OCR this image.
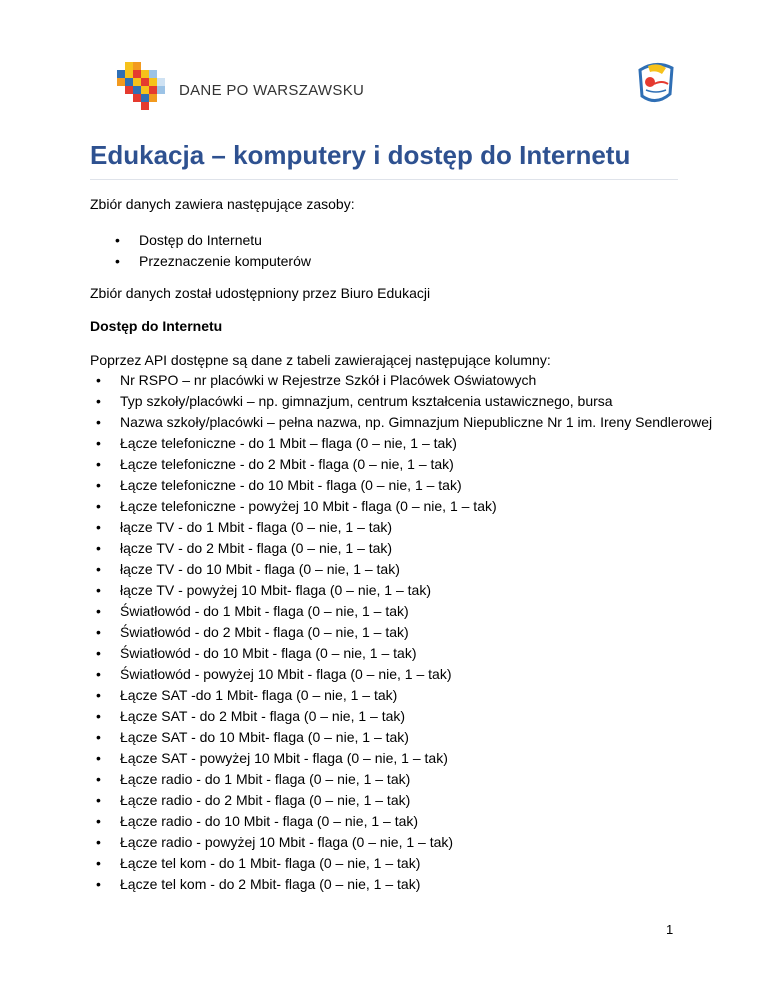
DANE PO WARSZAWSKU
Edukacja – komputery i dostęp do Internetu
Zbiór danych zawiera następujące zasoby:
• Dostęp do Internetu
• Przeznaczenie komputerów
Zbiór danych został udostępniony przez Biuro Edukacji
Dostęp do Internetu
Poprzez API dostępne są dane z tabeli zawierającej następujące kolumny:
• Nr RSPO – nr placówki w Rejestrze Szkół i Placówek Oświatowych
• Typ szkoły/placówki – np. gimnazjum, centrum kształcenia ustawicznego, bursa
• Nazwa szkoły/placówki – pełna nazwa, np. Gimnazjum Niepubliczne Nr 1 im. Ireny Sendlerowej
• Łącze telefoniczne - do 1 Mbit – flaga (0 – nie, 1 – tak)
• Łącze telefoniczne - do 2 Mbit - flaga (0 – nie, 1 – tak)
• Łącze telefoniczne - do 10 Mbit - flaga (0 – nie, 1 – tak)
• Łącze telefoniczne - powyżej 10 Mbit - flaga (0 – nie, 1 – tak)
• łącze TV - do 1 Mbit - flaga (0 – nie, 1 – tak)
• łącze TV - do 2 Mbit - flaga (0 – nie, 1 – tak)
• łącze TV - do 10 Mbit - flaga (0 – nie, 1 – tak)
• łącze TV - powyżej 10 Mbit- flaga (0 – nie, 1 – tak)
• Światłowód - do 1 Mbit - flaga (0 – nie, 1 – tak)
• Światłowód - do 2 Mbit - flaga (0 – nie, 1 – tak)
• Światłowód - do 10 Mbit - flaga (0 – nie, 1 – tak)
• Światłowód - powyżej 10 Mbit - flaga (0 – nie, 1 – tak)
• Łącze SAT -do 1 Mbit- flaga (0 – nie, 1 – tak)
• Łącze SAT - do 2 Mbit - flaga (0 – nie, 1 – tak)
• Łącze SAT - do 10 Mbit- flaga (0 – nie, 1 – tak)
• Łącze SAT - powyżej 10 Mbit - flaga (0 – nie, 1 – tak)
• Łącze radio - do 1 Mbit - flaga (0 – nie, 1 – tak)
• Łącze radio - do 2 Mbit - flaga (0 – nie, 1 – tak)
• Łącze radio - do 10 Mbit - flaga (0 – nie, 1 – tak)
• Łącze radio - powyżej 10 Mbit - flaga (0 – nie, 1 – tak)
• Łącze tel kom - do 1 Mbit- flaga (0 – nie, 1 – tak)
• Łącze tel kom - do 2 Mbit- flaga (0 – nie, 1 – tak)
1
